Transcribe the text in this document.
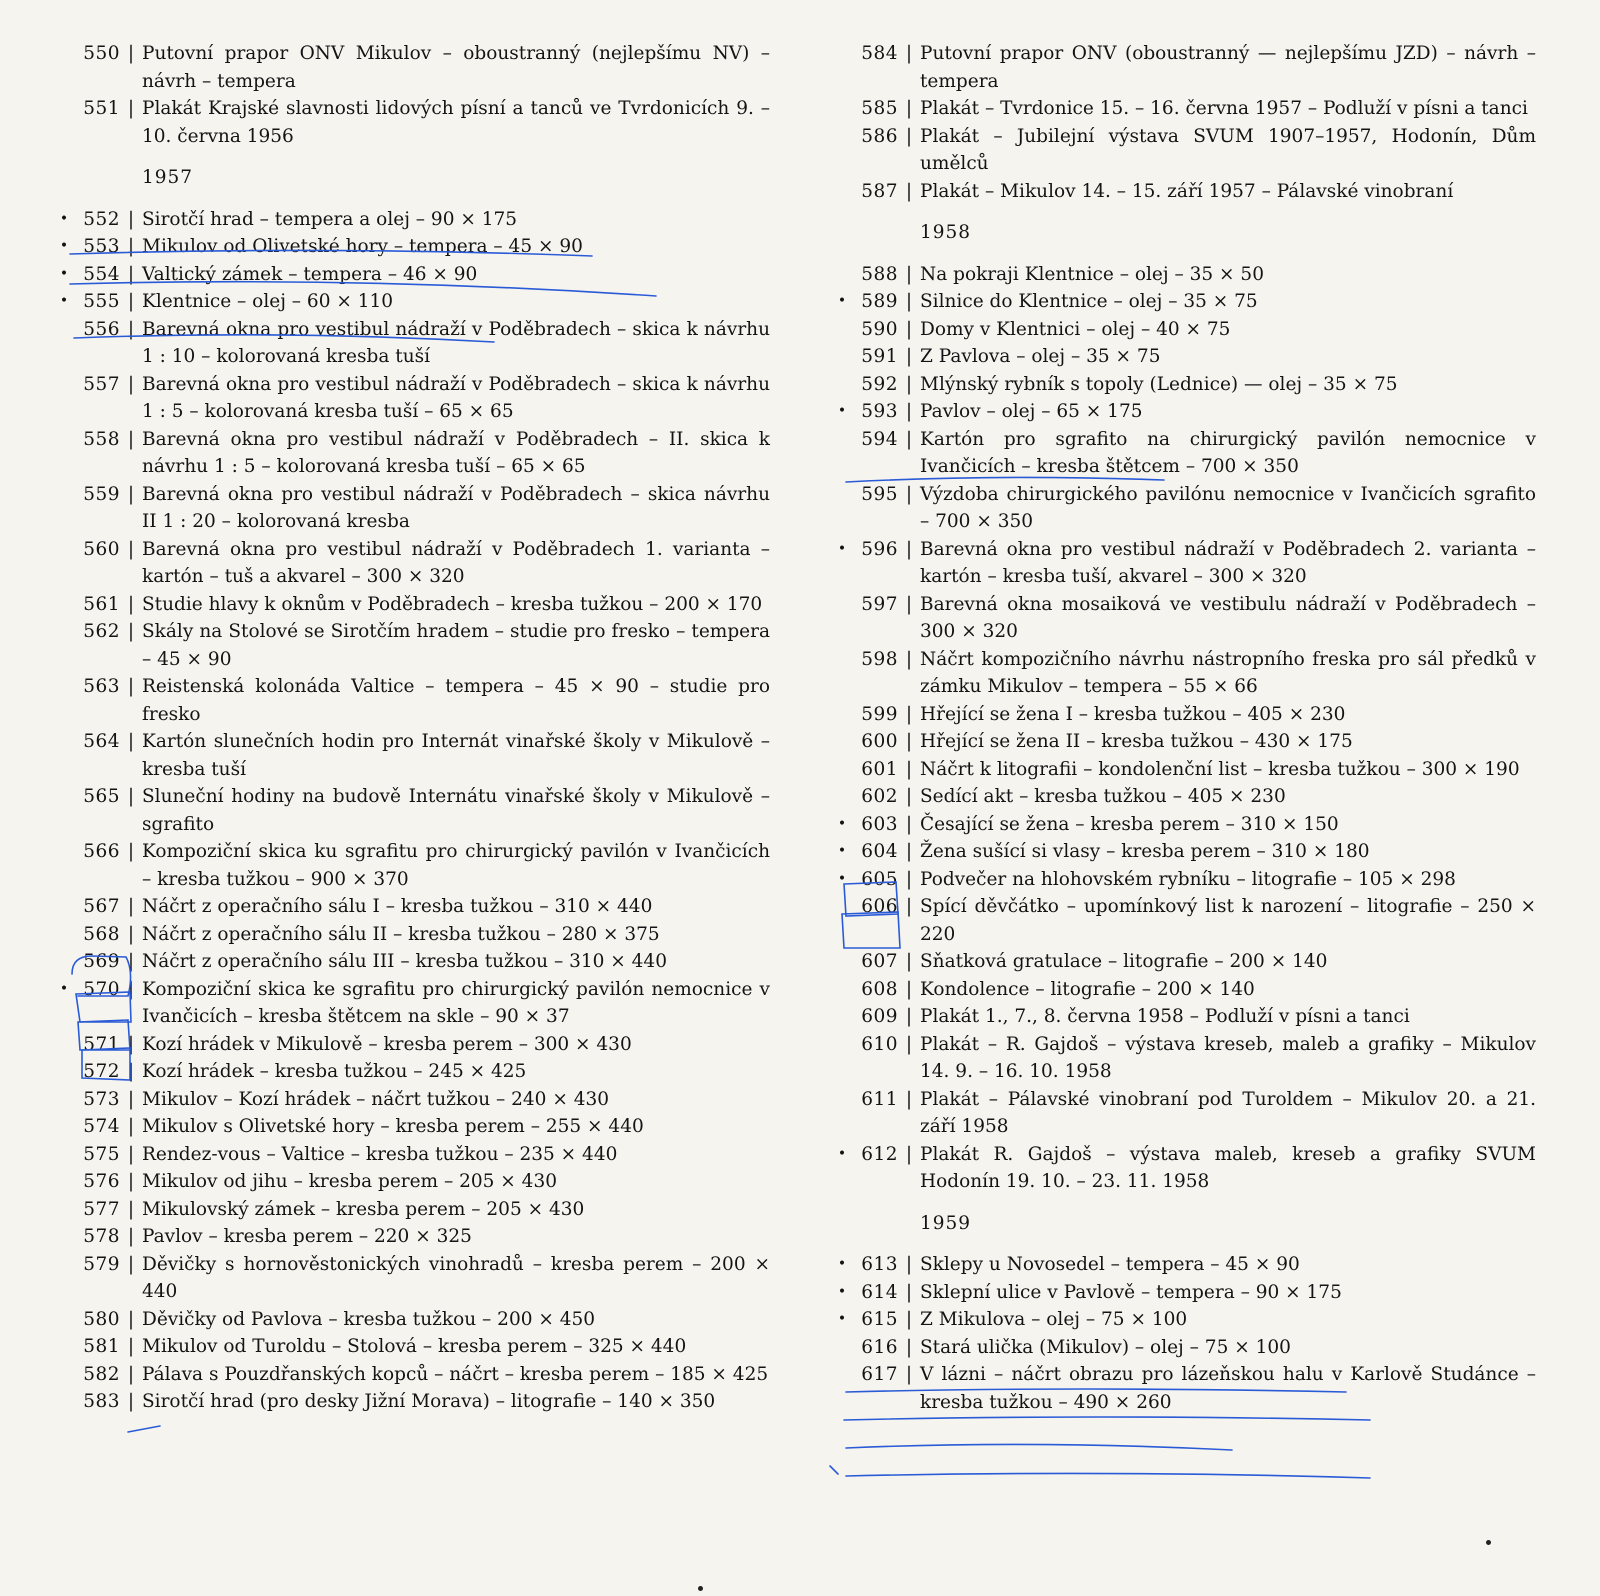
550 | Putovní prapor ONV Mikulov – oboustranný (nejlepšímu NV) – návrh – tempera
551 | Plakát Krajské slavnosti lidových písní a tanců ve Tvrdonicích 9. – 10. června 1956
1957
• 552 | Sirotčí hrad – tempera a olej – 90 × 175
• 553 | Mikulov od Olivetské hory – tempera – 45 × 90
• 554 | Valtický zámek – tempera – 46 × 90
• 555 | Klentnice – olej – 60 × 110
556 | Barevná okna pro vestibul nádraží v Poděbradech – skica k návrhu 1 : 10 – kolorovaná kresba tuší
557 | Barevná okna pro vestibul nádraží v Poděbradech – skica k návrhu 1 : 5 – kolorovaná kresba tuší – 65 × 65
558 | Barevná okna pro vestibul nádraží v Poděbradech – II. skica k návrhu 1 : 5 – kolorovaná kresba tuší – 65 × 65
559 | Barevná okna pro vestibul nádraží v Poděbradech – skica návrhu II 1 : 20 – kolorovaná kresba
560 | Barevná okna pro vestibul nádraží v Poděbradech 1. varianta – kartón – tuš a akvarel – 300 × 320
561 | Studie hlavy k oknům v Poděbradech – kresba tužkou – 200 × 170
562 | Skály na Stolové se Sirotčím hradem – studie pro fresko – tempera – 45 × 90
563 | Reistenská kolonáda Valtice – tempera – 45 × 90 – studie pro fresko
564 | Kartón slunečních hodin pro Internát vinařské školy v Mikulově – kresba tuší
565 | Sluneční hodiny na budově Internátu vinařské školy v Mikulově – sgrafito
566 | Kompoziční skica ku sgrafitu pro chirurgický pavilón v Ivančicích – kresba tužkou – 900 × 370
567 | Náčrt z operačního sálu I – kresba tužkou – 310 × 440
568 | Náčrt z operačního sálu II – kresba tužkou – 280 × 375
569 | Náčrt z operačního sálu III – kresba tužkou – 310 × 440
• 570 | Kompoziční skica ke sgrafitu pro chirurgický pavilón nemocnice v Ivančicích – kresba štětcem na skle – 90 × 37
571 | Kozí hrádek v Mikulově – kresba perem – 300 × 430
572 | Kozí hrádek – kresba tužkou – 245 × 425
573 | Mikulov – Kozí hrádek – náčrt tužkou – 240 × 430
574 | Mikulov s Olivetské hory – kresba perem – 255 × 440
575 | Rendez-vous – Valtice – kresba tužkou – 235 × 440
576 | Mikulov od jihu – kresba perem – 205 × 430
577 | Mikulovský zámek – kresba perem – 205 × 430
578 | Pavlov – kresba perem – 220 × 325
579 | Děvičky s hornověstonických vinohradů – kresba perem – 200 × 440
580 | Děvičky od Pavlova – kresba tužkou – 200 × 450
581 | Mikulov od Turoldu – Stolová – kresba perem – 325 × 440
582 | Pálava s Pouzdřanských kopců – náčrt – kresba perem – 185 × 425
583 | Sirotčí hrad (pro desky Jižní Morava) – litografie – 140 × 350
584 | Putovní prapor ONV (oboustranný — nejlepšímu JZD) – návrh – tempera
585 | Plakát – Tvrdonice 15. – 16. června 1957 – Podluží v písni a tanci
586 | Plakát – Jubilejní výstava SVUM 1907–1957, Hodonín, Dům umělců
587 | Plakát – Mikulov 14. – 15. září 1957 – Pálavské vinobraní
1958
588 | Na pokraji Klentnice – olej – 35 × 50
• 589 | Silnice do Klentnice – olej – 35 × 75
590 | Domy v Klentnici – olej – 40 × 75
591 | Z Pavlova – olej – 35 × 75
592 | Mlýnský rybník s topoly (Lednice) — olej – 35 × 75
• 593 | Pavlov – olej – 65 × 175
594 | Kartón pro sgrafito na chirurgický pavilón nemocnice v Ivančicích – kresba štětcem – 700 × 350
595 | Výzdoba chirurgického pavilónu nemocnice v Ivančicích sgrafito – 700 × 350
• 596 | Barevná okna pro vestibul nádraží v Poděbradech 2. varianta – kartón – kresba tuší, akvarel – 300 × 320
597 | Barevná okna mosaiková ve vestibulu nádraží v Poděbradech – 300 × 320
598 | Náčrt kompozičního návrhu nástropního freska pro sál předků v zámku Mikulov – tempera – 55 × 66
599 | Hřející se žena I – kresba tužkou – 405 × 230
600 | Hřející se žena II – kresba tužkou – 430 × 175
601 | Náčrt k litografii – kondolenční list – kresba tužkou – 300 × 190
602 | Sedící akt – kresba tužkou – 405 × 230
• 603 | Česající se žena – kresba perem – 310 × 150
• 604 | Žena sušící si vlasy – kresba perem – 310 × 180
• 605 | Podvečer na hlohovském rybníku – litografie – 105 × 298
606 | Spící děvčátko – upomínkový list k narození – litografie – 250 × 220
607 | Sňatková gratulace – litografie – 200 × 140
608 | Kondolence – litografie – 200 × 140
609 | Plakát 1., 7., 8. června 1958 – Podluží v písni a tanci
610 | Plakát – R. Gajdoš – výstava kreseb, maleb a grafiky – Mikulov 14. 9. – 16. 10. 1958
611 | Plakát – Pálavské vinobraní pod Turoldem – Mikulov 20. a 21. září 1958
• 612 | Plakát R. Gajdoš – výstava maleb, kreseb a grafiky SVUM Hodonín 19. 10. – 23. 11. 1958
1959
• 613 | Sklepy u Novosedel – tempera – 45 × 90
• 614 | Sklepní ulice v Pavlově – tempera – 90 × 175
• 615 | Z Mikulova – olej – 75 × 100
616 | Stará ulička (Mikulov) – olej – 75 × 100
617 | V lázni – náčrt obrazu pro lázeňskou halu v Karlově Studánce – kresba tužkou – 490 × 260
